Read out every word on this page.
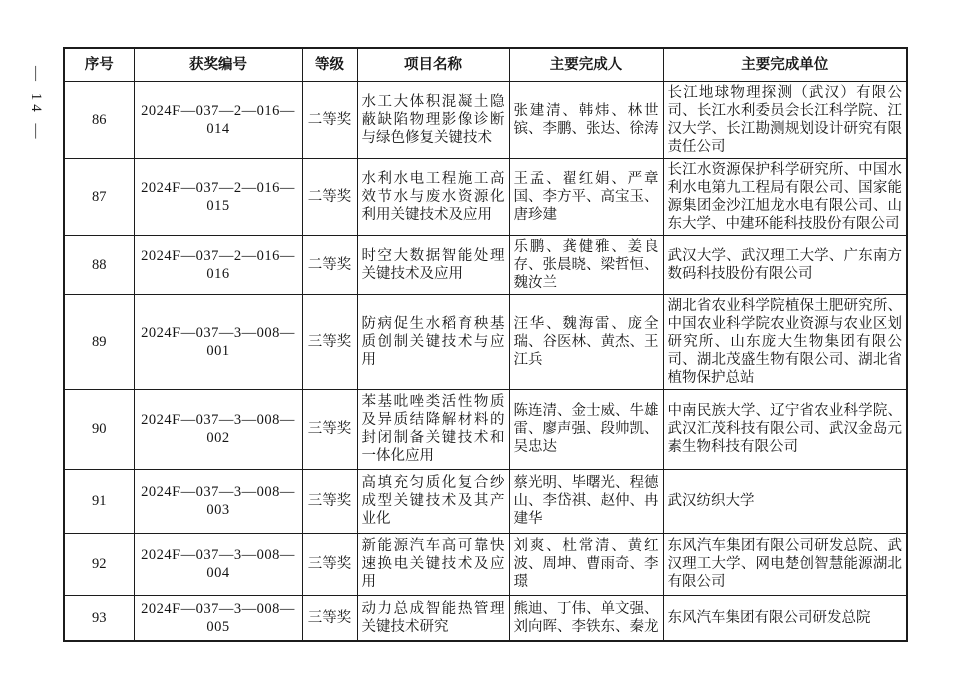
— 14 —
序号	获奖编号	等级	项目名称	主要完成人	主要完成单位
86	2024F—037—2—016—014	二等奖	水工大体积混凝土隐蔽缺陷物理影像诊断与绿色修复关键技术	张建清、韩炜、林世镔、李鹏、张达、徐涛	长江地球物理探测（武汉）有限公司、长江水利委员会长江科学院、江汉大学、长江勘测规划设计研究有限责任公司
87	2024F—037—2—016—015	二等奖	水利水电工程施工高效节水与废水资源化利用关键技术及应用	王孟、翟红娟、严章国、李方平、高宝玉、唐珍建	长江水资源保护科学研究所、中国水利水电第九工程局有限公司、国家能源集团金沙江旭龙水电有限公司、山东大学、中建环能科技股份有限公司
88	2024F—037—2—016—016	二等奖	时空大数据智能处理关键技术及应用	乐鹏、龚健雅、姜良存、张晨晓、梁哲恒、魏汝兰	武汉大学、武汉理工大学、广东南方数码科技股份有限公司
89	2024F—037—3—008—001	三等奖	防病促生水稻育秧基质创制关键技术与应用	汪华、魏海雷、庞全瑞、谷医林、黄杰、王江兵	湖北省农业科学院植保土肥研究所、中国农业科学院农业资源与农业区划研究所、山东庞大生物集团有限公司、湖北茂盛生物有限公司、湖北省植物保护总站
90	2024F—037—3—008—002	三等奖	苯基吡唑类活性物质及异质结降解材料的封闭制备关键技术和一体化应用	陈连清、金士威、牛雄雷、廖声强、段帅凯、吴忠达	中南民族大学、辽宁省农业科学院、武汉汇茂科技有限公司、武汉金岛元素生物科技有限公司
91	2024F—037—3—008—003	三等奖	高填充匀质化复合纱成型关键技术及其产业化	蔡光明、毕曙光、程德山、李岱祺、赵仲、冉建华	武汉纺织大学
92	2024F—037—3—008—004	三等奖	新能源汽车高可靠快速换电关键技术及应用	刘爽、杜常清、黄红波、周坤、曹雨奇、李璟	东风汽车集团有限公司研发总院、武汉理工大学、网电楚创智慧能源湖北有限公司
93	2024F—037—3—008—005	三等奖	动力总成智能热管理关键技术研究	熊迪、丁伟、单文强、刘向晖、李铁东、秦龙	东风汽车集团有限公司研发总院
